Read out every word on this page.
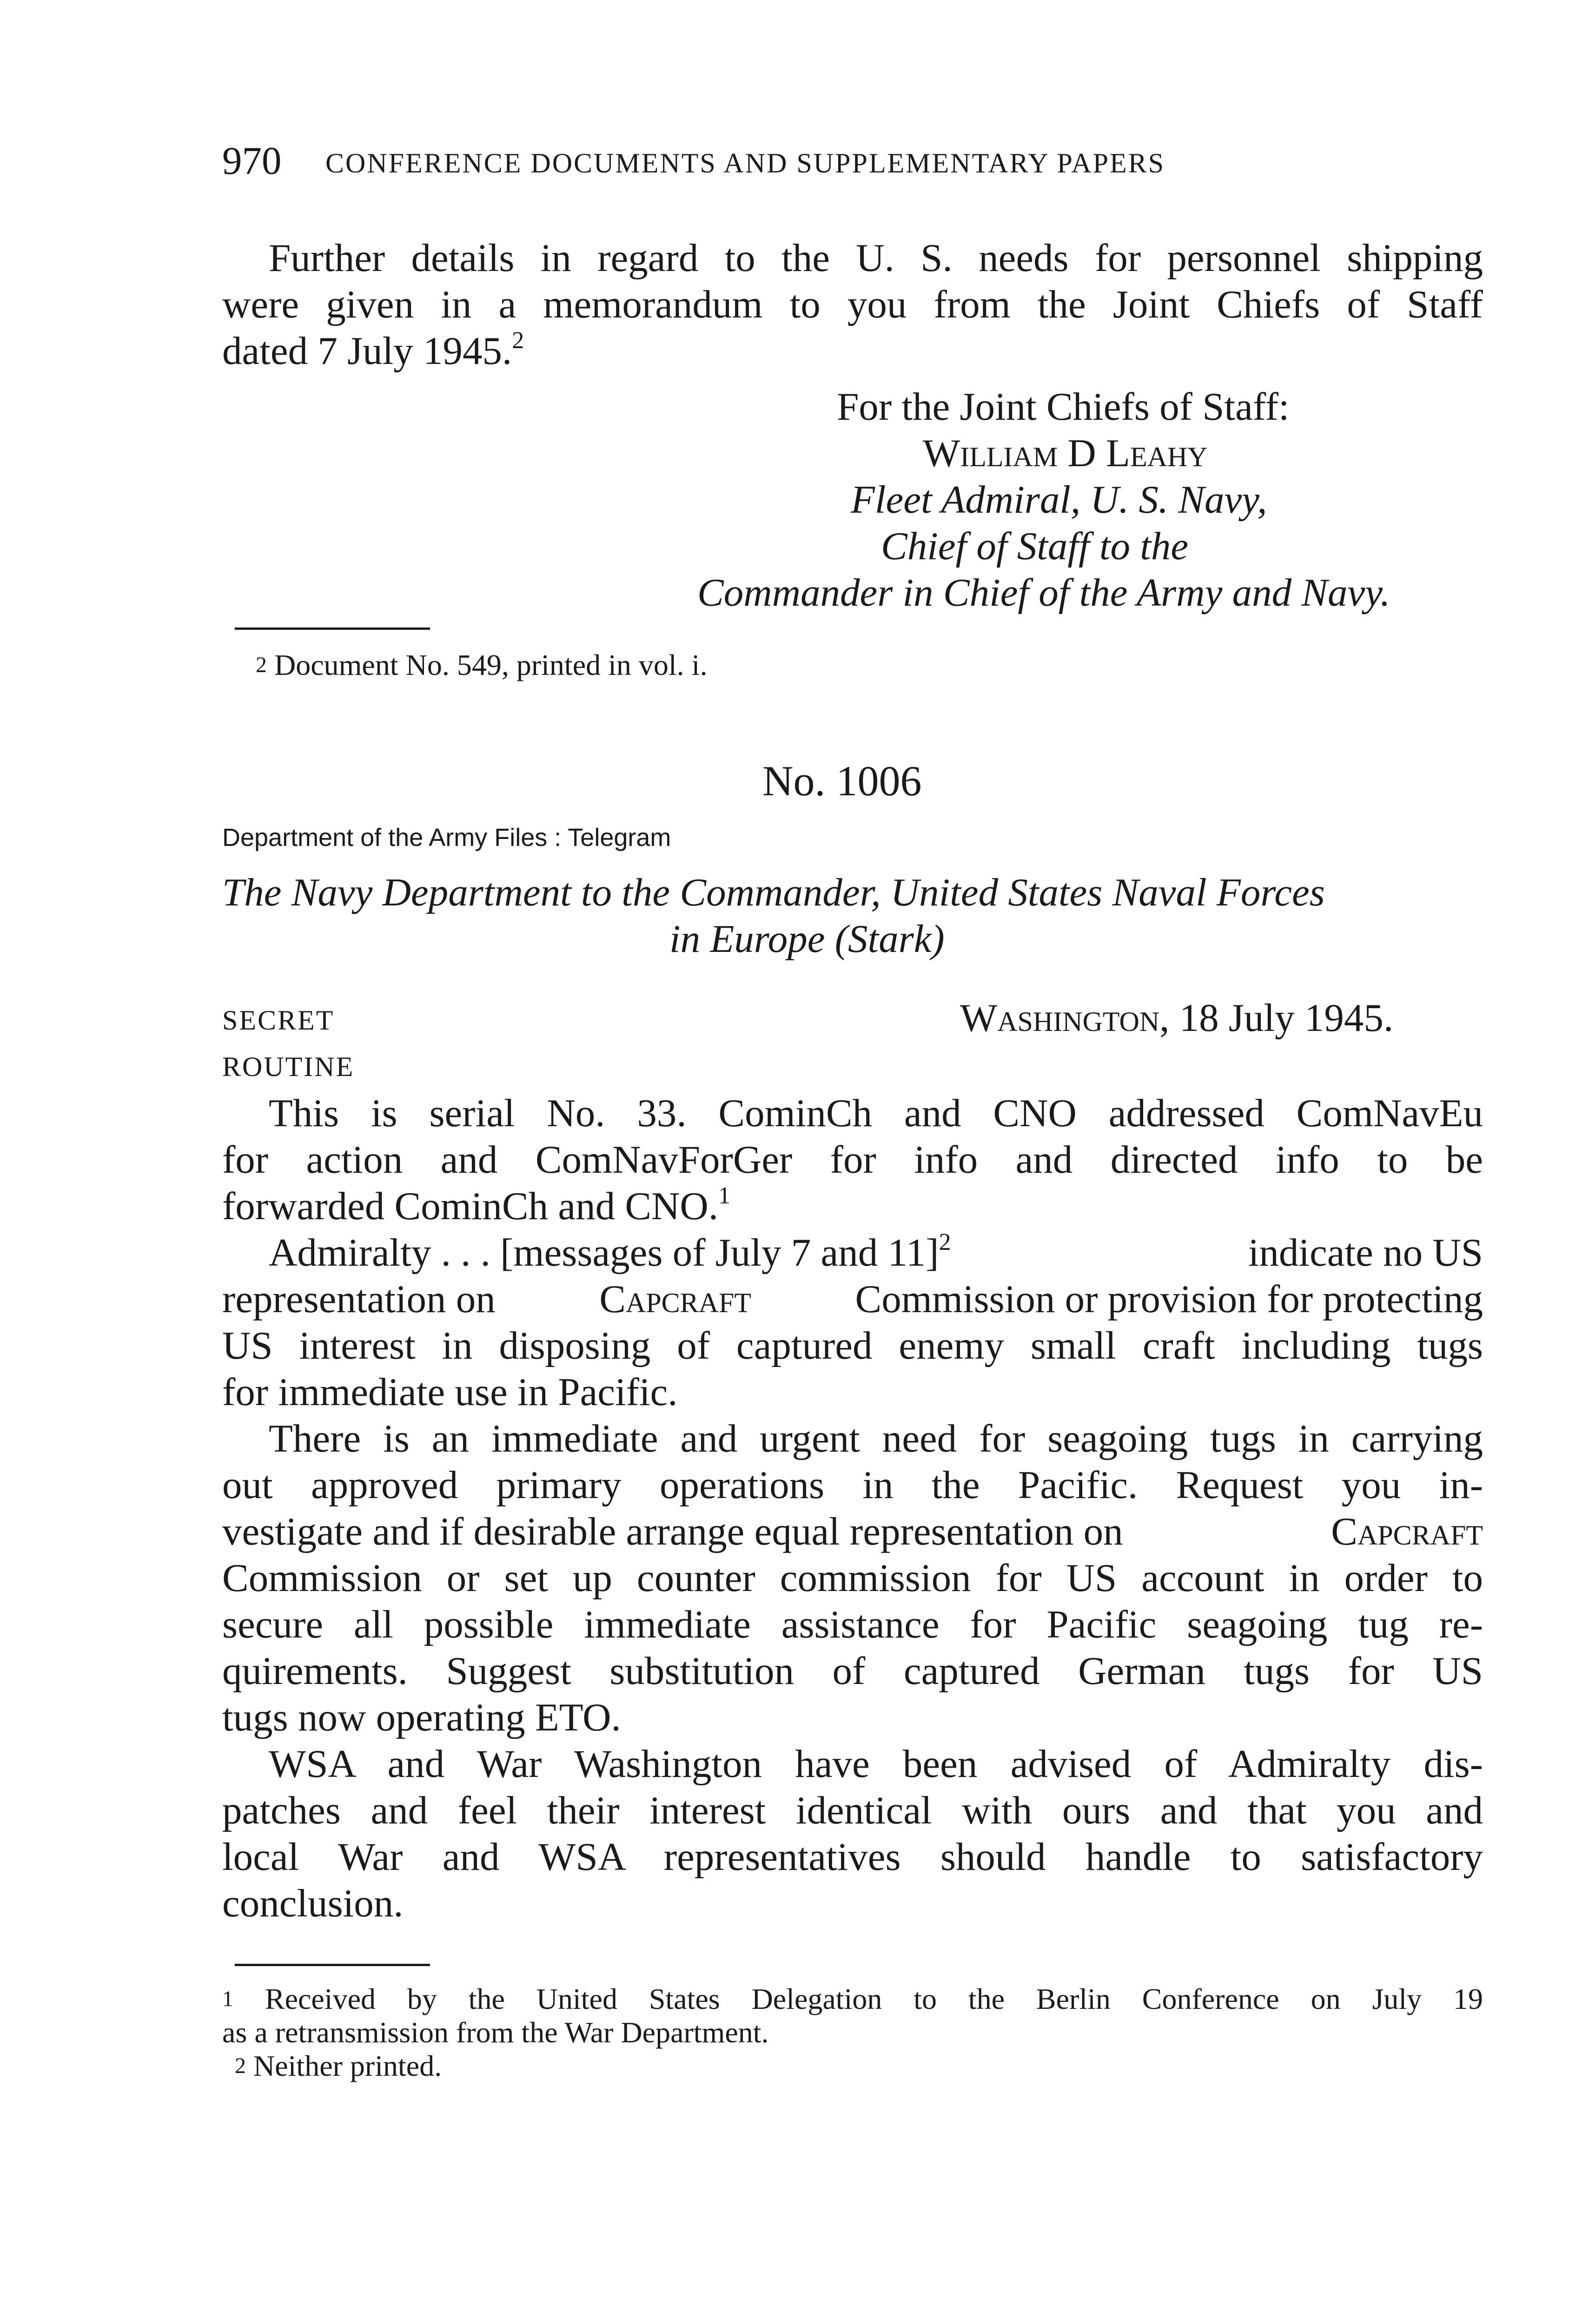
970 CONFERENCE DOCUMENTS AND SUPPLEMENTARY PAPERS
Further details in regard to the U. S. needs for personnel shipping
were given in a memorandum to you from the Joint Chiefs of Staff
dated 7 July 1945.$^2$
For the Joint Chiefs of Staff:
William D Leahy
Fleet Admiral, U. S. Navy,
Chief of Staff to the
Commander in Chief of the Army and Navy.
2 Document No. 549, printed in vol. i.
No. 1006
Department of the Army Files : Telegram
The Navy Department to the Commander, United States Naval Forces
in Europe (Stark)
SECRET	Washington, 18 July 1945.
ROUTINE
This is serial No. 33. CominCh and CNO addressed ComNavEu
for action and ComNavForGer for info and directed info to be
forwarded CominCh and CNO.$^1$
Admiralty . . . [messages of July 7 and 11]$^2$	indicate no US
representation on	Capcraft	Commission or provision for protecting
US interest in disposing of captured enemy small craft including tugs
for immediate use in Pacific.
There is an immediate and urgent need for seagoing tugs in carrying
out approved primary operations in the Pacific. Request you in-
vestigate and if desirable arrange equal representation on	Capcraft
Commission or set up counter commission for US account in order to
secure all possible immediate assistance for Pacific seagoing tug re-
quirements. Suggest substitution of captured German tugs for US
tugs now operating ETO.
WSA and War Washington have been advised of Admiralty dis-
patches and feel their interest identical with ours and that you and
local War and WSA representatives should handle to satisfactory
conclusion.
1 Received by the United States Delegation to the Berlin Conference on July 19
as a retransmission from the War Department.
2 Neither printed.
